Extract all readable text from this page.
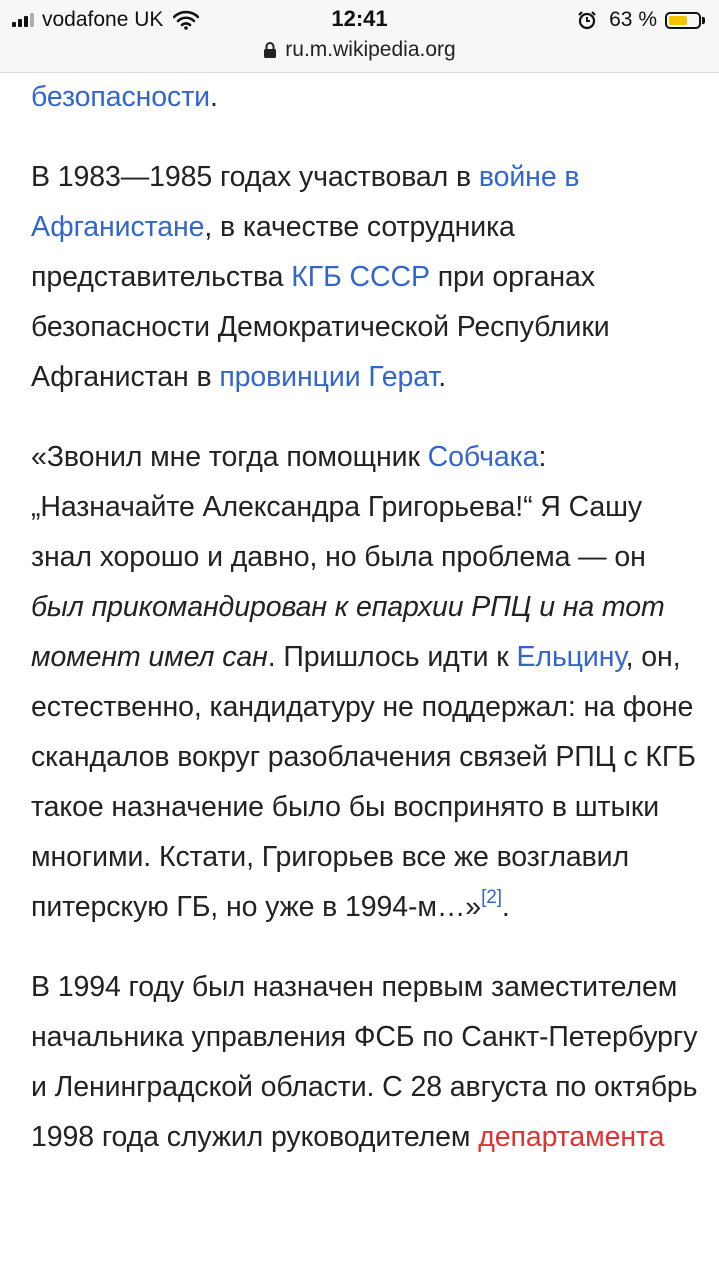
vodafone UK	12:41	63 %
ru.m.wikipedia.org

безопасности.

В 1983—1985 годах участвовал в войне в Афганистане, в качестве сотрудника представительства КГБ СССР при органах безопасности Демократической Республики Афганистан в провинции Герат.

«Звонил мне тогда помощник Собчака: „Назначайте Александра Григорьева!“ Я Сашу знал хорошо и давно, но была проблема — он был прикомандирован к епархии РПЦ и на тот момент имел сан. Пришлось идти к Ельцину, он, естественно, кандидатуру не поддержал: на фоне скандалов вокруг разоблачения связей РПЦ с КГБ такое назначение было бы воспринято в штыки многими. Кстати, Григорьев все же возглавил питерскую ГБ, но уже в 1994-м…»[2].

В 1994 году был назначен первым заместителем начальника управления ФСБ по Санкт-Петербургу и Ленинградской области. С 28 августа по октябрь 1998 года служил руководителем департамента
